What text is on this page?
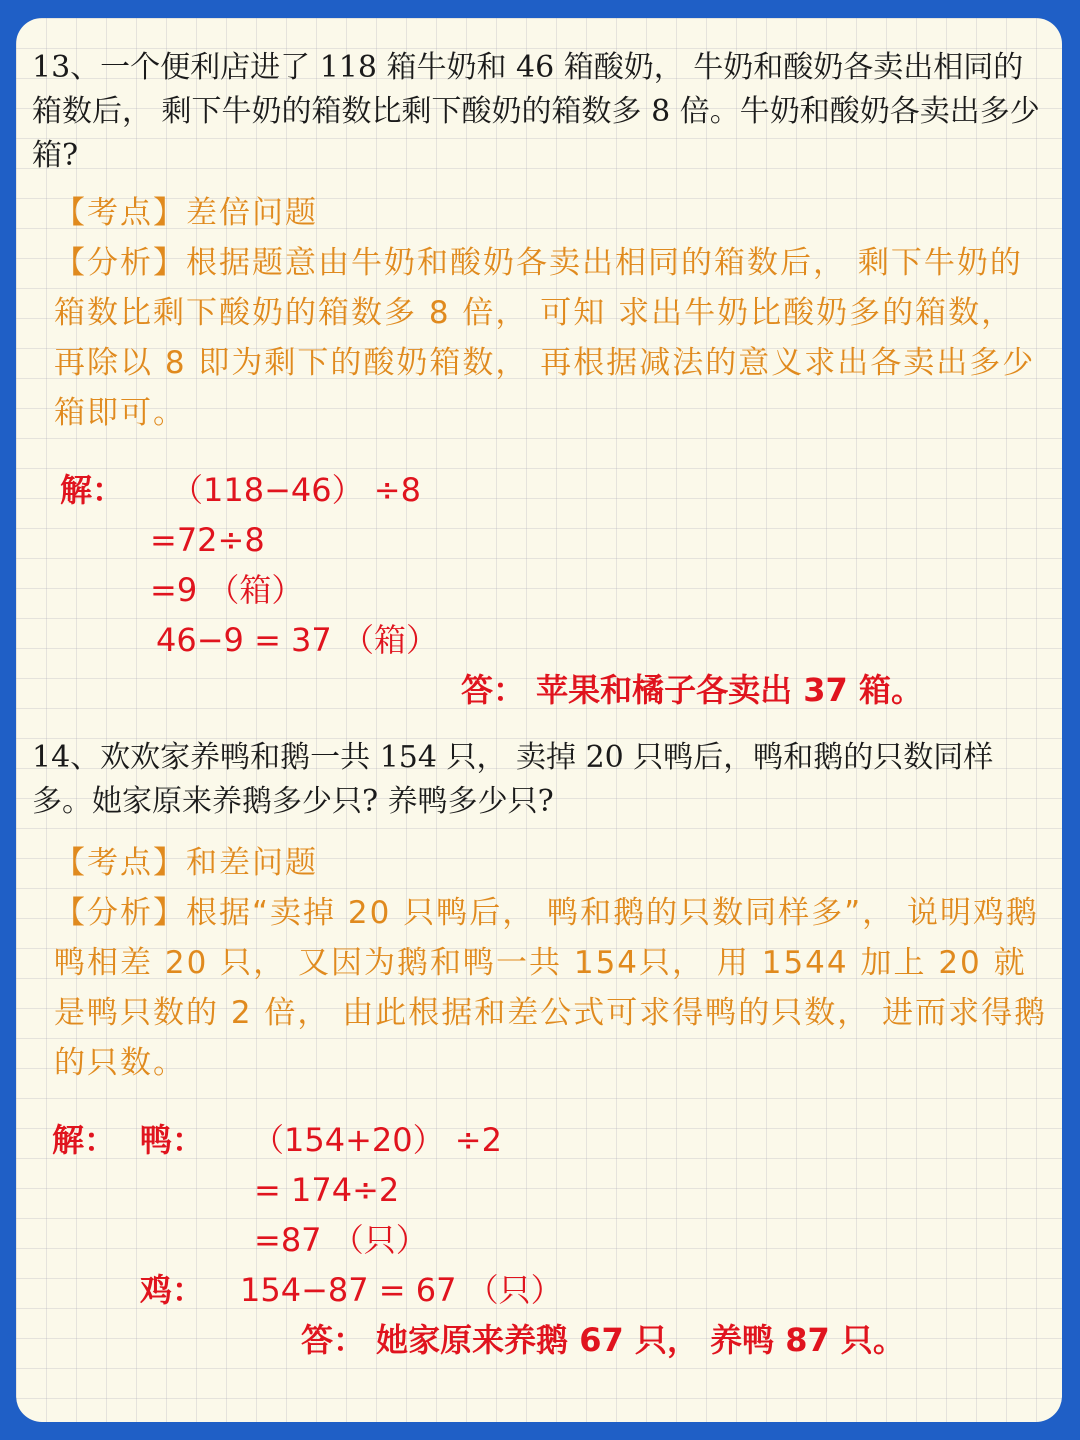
13、一个便利店进了 118 箱牛奶和 46 箱酸奶， 牛奶和酸奶各卖出相同的箱数后， 剩下牛奶的箱数比剩下酸奶的箱数多 8 倍。牛奶和酸奶各卖出多少箱?

【考点】差倍问题

【分析】根据题意由牛奶和酸奶各卖出相同的箱数后， 剩下牛奶的箱数比剩下酸奶的箱数多 8 倍， 可知 求出牛奶比酸奶多的箱数， 再除以 8 即为剩下的酸奶箱数， 再根据减法的意义求出各卖出多少箱即可。

解： （118−46） ÷8
=72÷8
=9 （箱）
46−9 = 37 （箱）
答： 苹果和橘子各卖出 37 箱。

14、欢欢家养鸭和鹅一共 154 只， 卖掉 20 只鸭后，鸭和鹅的只数同样多。她家原来养鹅多少只? 养鸭多少只?

【考点】和差问题

【分析】根据“卖掉 20 只鸭后， 鸭和鹅的只数同样多”， 说明鸡鹅鸭相差 20 只， 又因为鹅和鸭一共 154只， 用 1544 加上 20 就是鸭只数的 2 倍， 由此根据和差公式可求得鸭的只数， 进而求得鹅的只数。

解： 鸭： （154+20） ÷2
= 174÷2
=87 （只）
鸡： 154−87 = 67 （只）
答： 她家原来养鹅 67 只， 养鸭 87 只。
